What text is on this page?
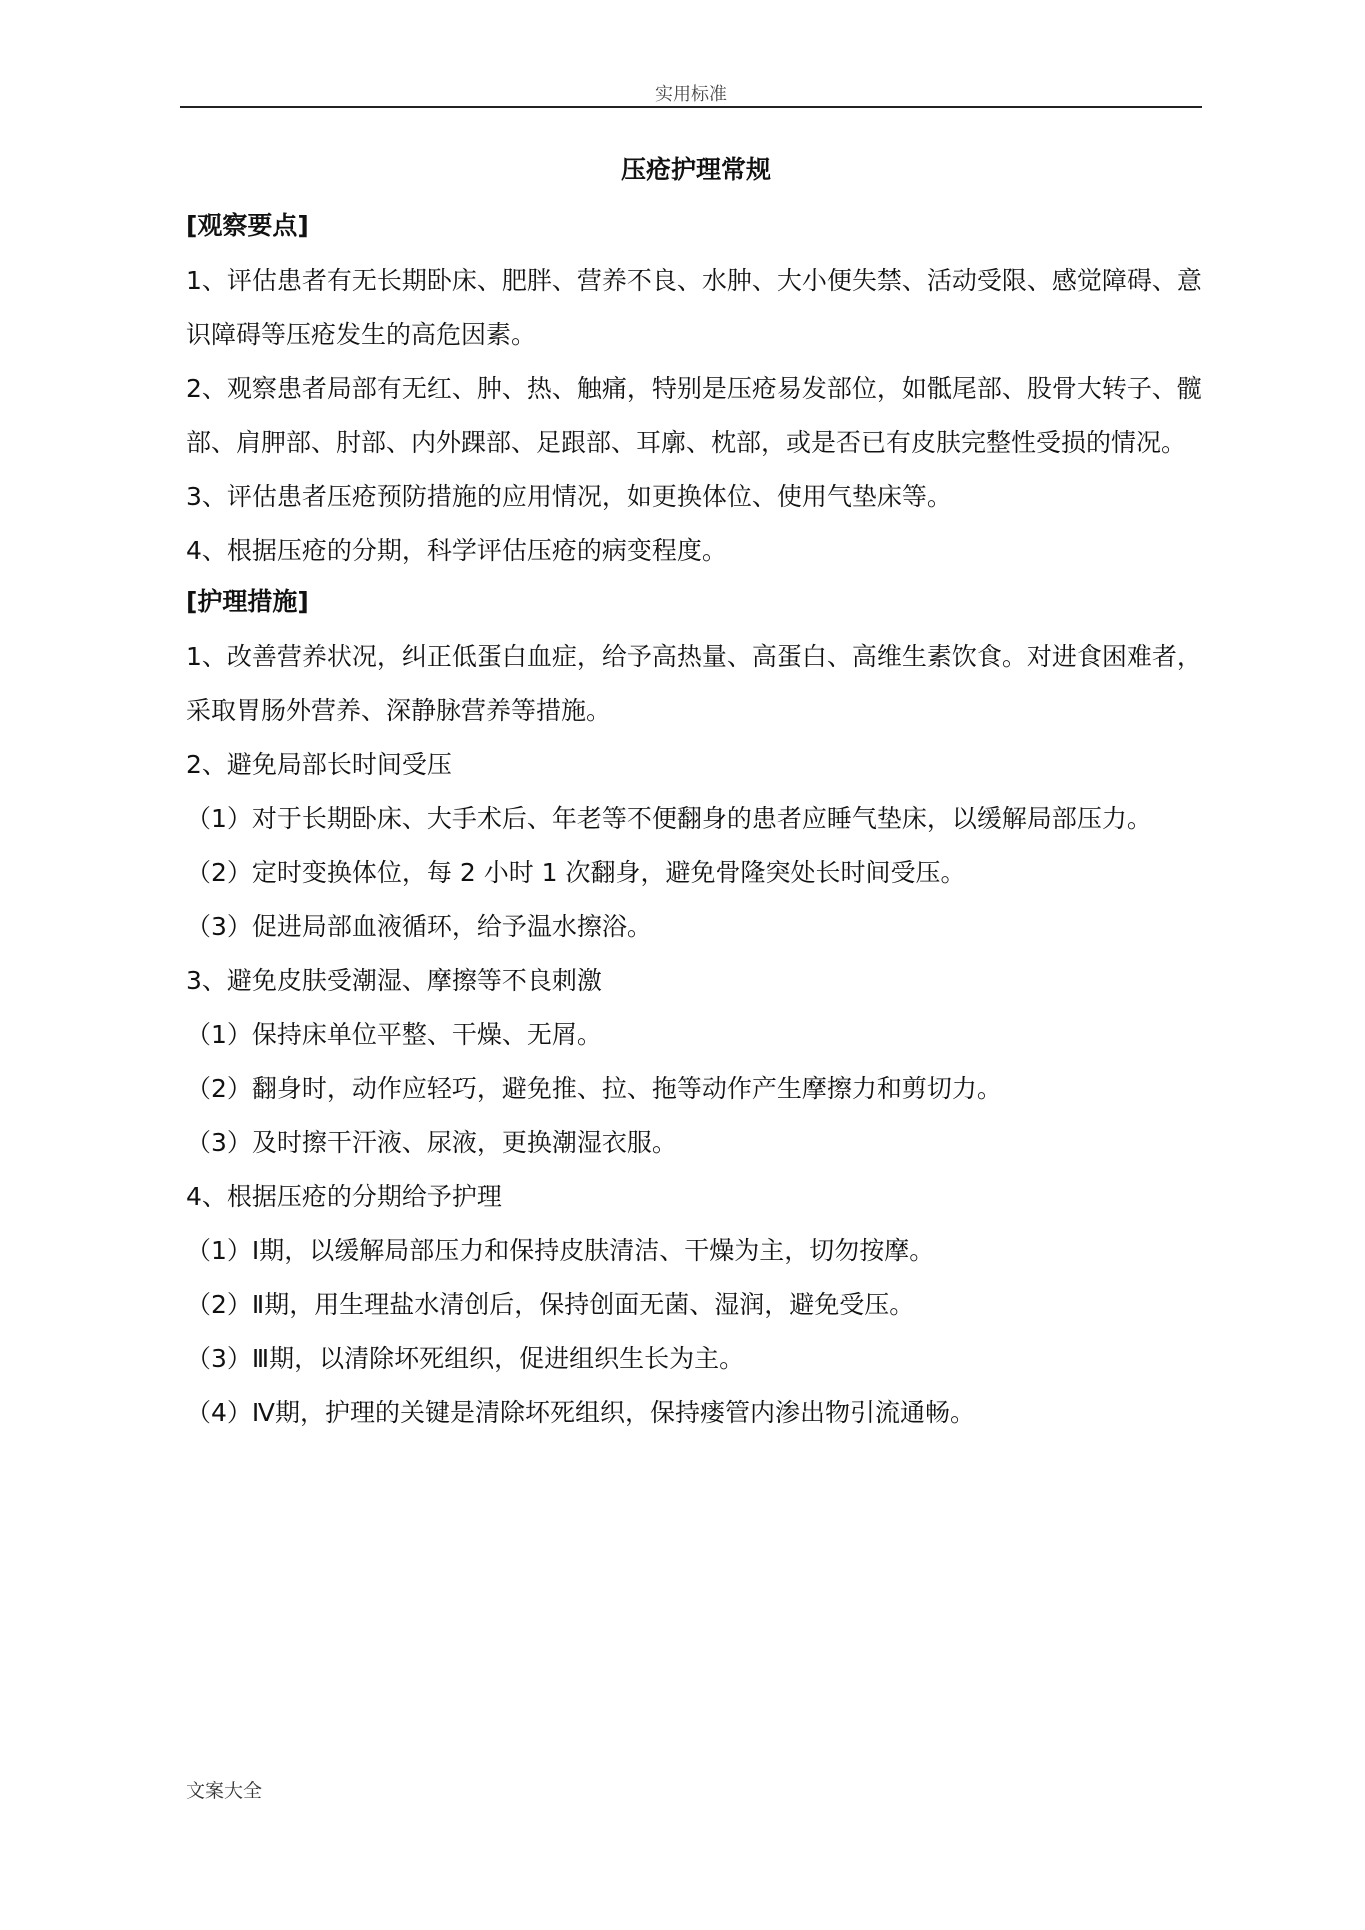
实用标准
压疮护理常规
[观察要点]

1、评估患者有无长期卧床、肥胖、营养不良、水肿、大小便失禁、活动受限、感觉障碍、意识障碍等压疮发生的高危因素。

2、观察患者局部有无红、肿、热、触痛，特别是压疮易发部位，如骶尾部、股骨大转子、髋部、肩胛部、肘部、内外踝部、足跟部、耳廓、枕部，或是否已有皮肤完整性受损的情况。

3、评估患者压疮预防措施的应用情况，如更换体位、使用气垫床等。

4、根据压疮的分期，科学评估压疮的病变程度。

[护理措施]

1、改善营养状况，纠正低蛋白血症，给予高热量、高蛋白、高维生素饮食。对进食困难者，采取胃肠外营养、深静脉营养等措施。

2、避免局部长时间受压

（1）对于长期卧床、大手术后、年老等不便翻身的患者应睡气垫床，以缓解局部压力。

（2）定时变换体位，每 2 小时 1 次翻身，避免骨隆突处长时间受压。

（3）促进局部血液循环，给予温水擦浴。

3、避免皮肤受潮湿、摩擦等不良刺激

（1）保持床单位平整、干燥、无屑。

（2）翻身时，动作应轻巧，避免推、拉、拖等动作产生摩擦力和剪切力。

（3）及时擦干汗液、尿液，更换潮湿衣服。

4、根据压疮的分期给予护理

（1）Ⅰ期，以缓解局部压力和保持皮肤清洁、干燥为主，切勿按摩。

（2）Ⅱ期，用生理盐水清创后，保持创面无菌、湿润，避免受压。

（3）Ⅲ期，以清除坏死组织，促进组织生长为主。

（4）Ⅳ期，护理的关键是清除坏死组织，保持瘘管内渗出物引流通畅。

文案大全
